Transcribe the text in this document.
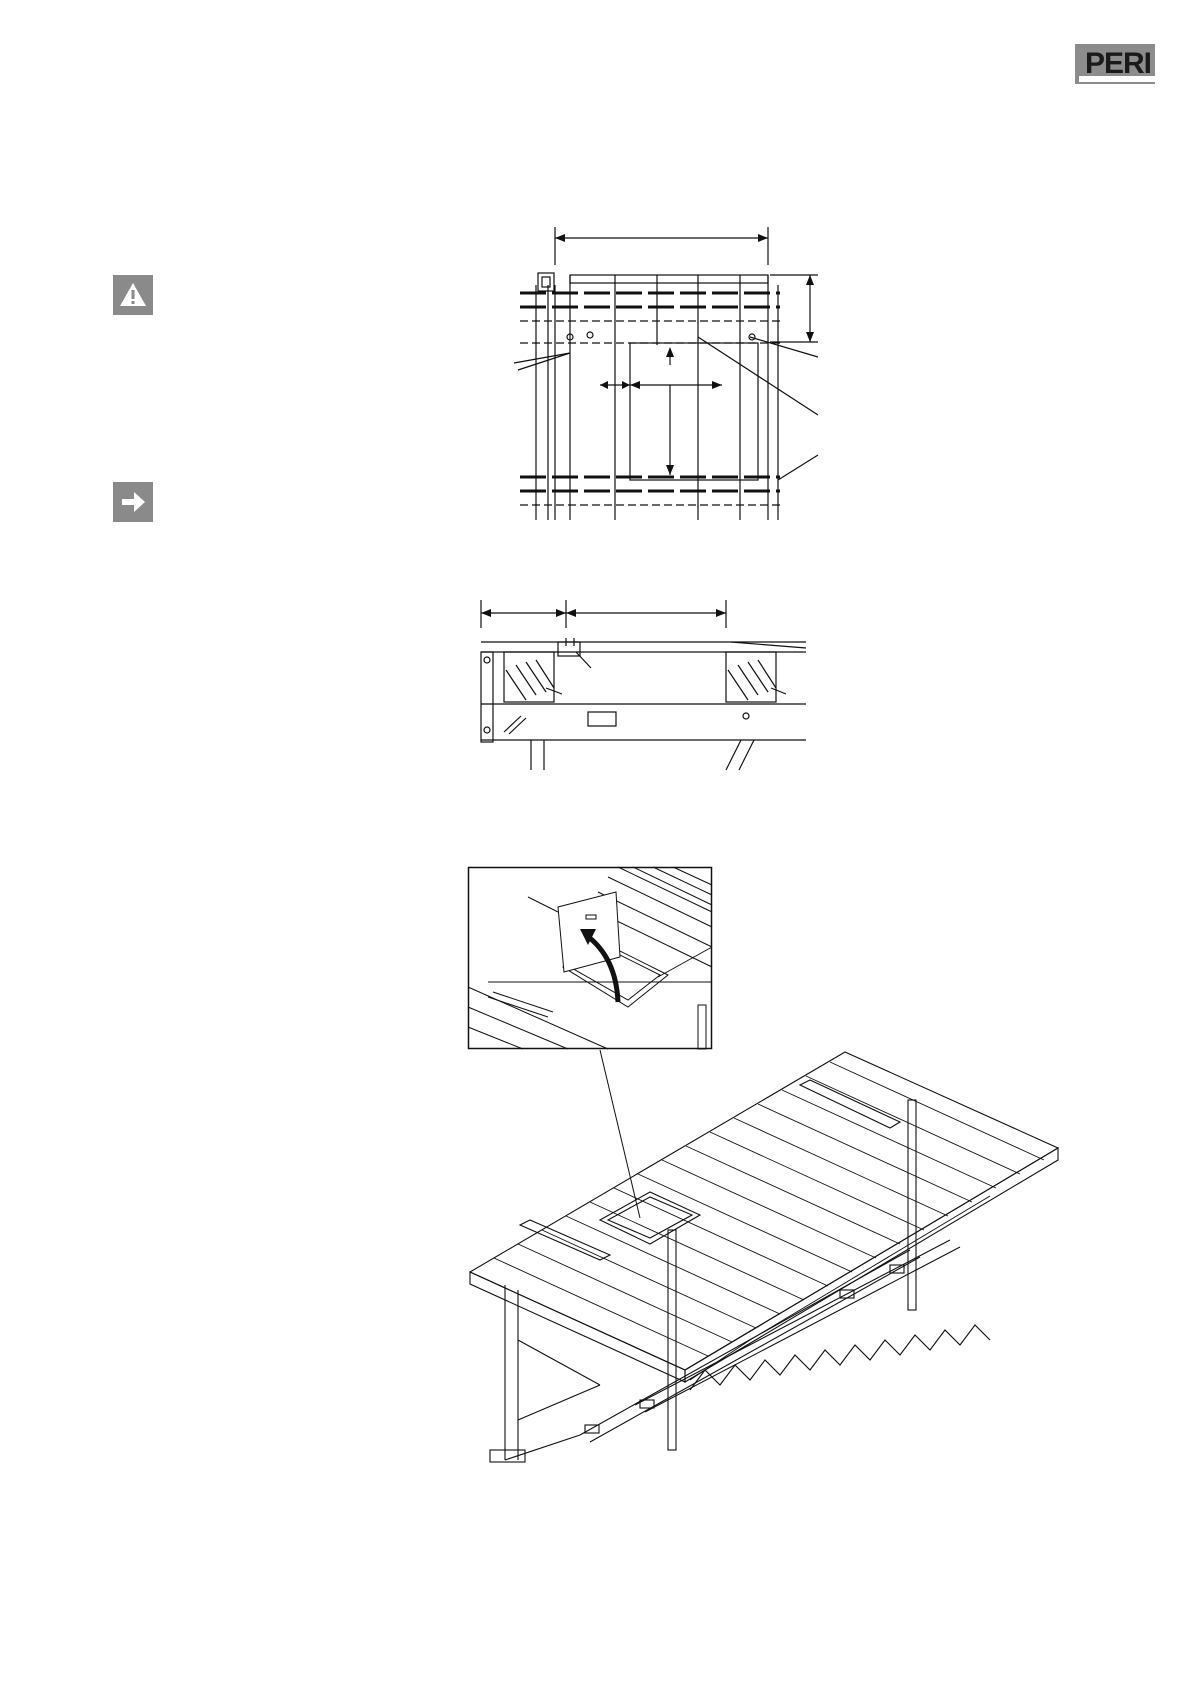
PERI
